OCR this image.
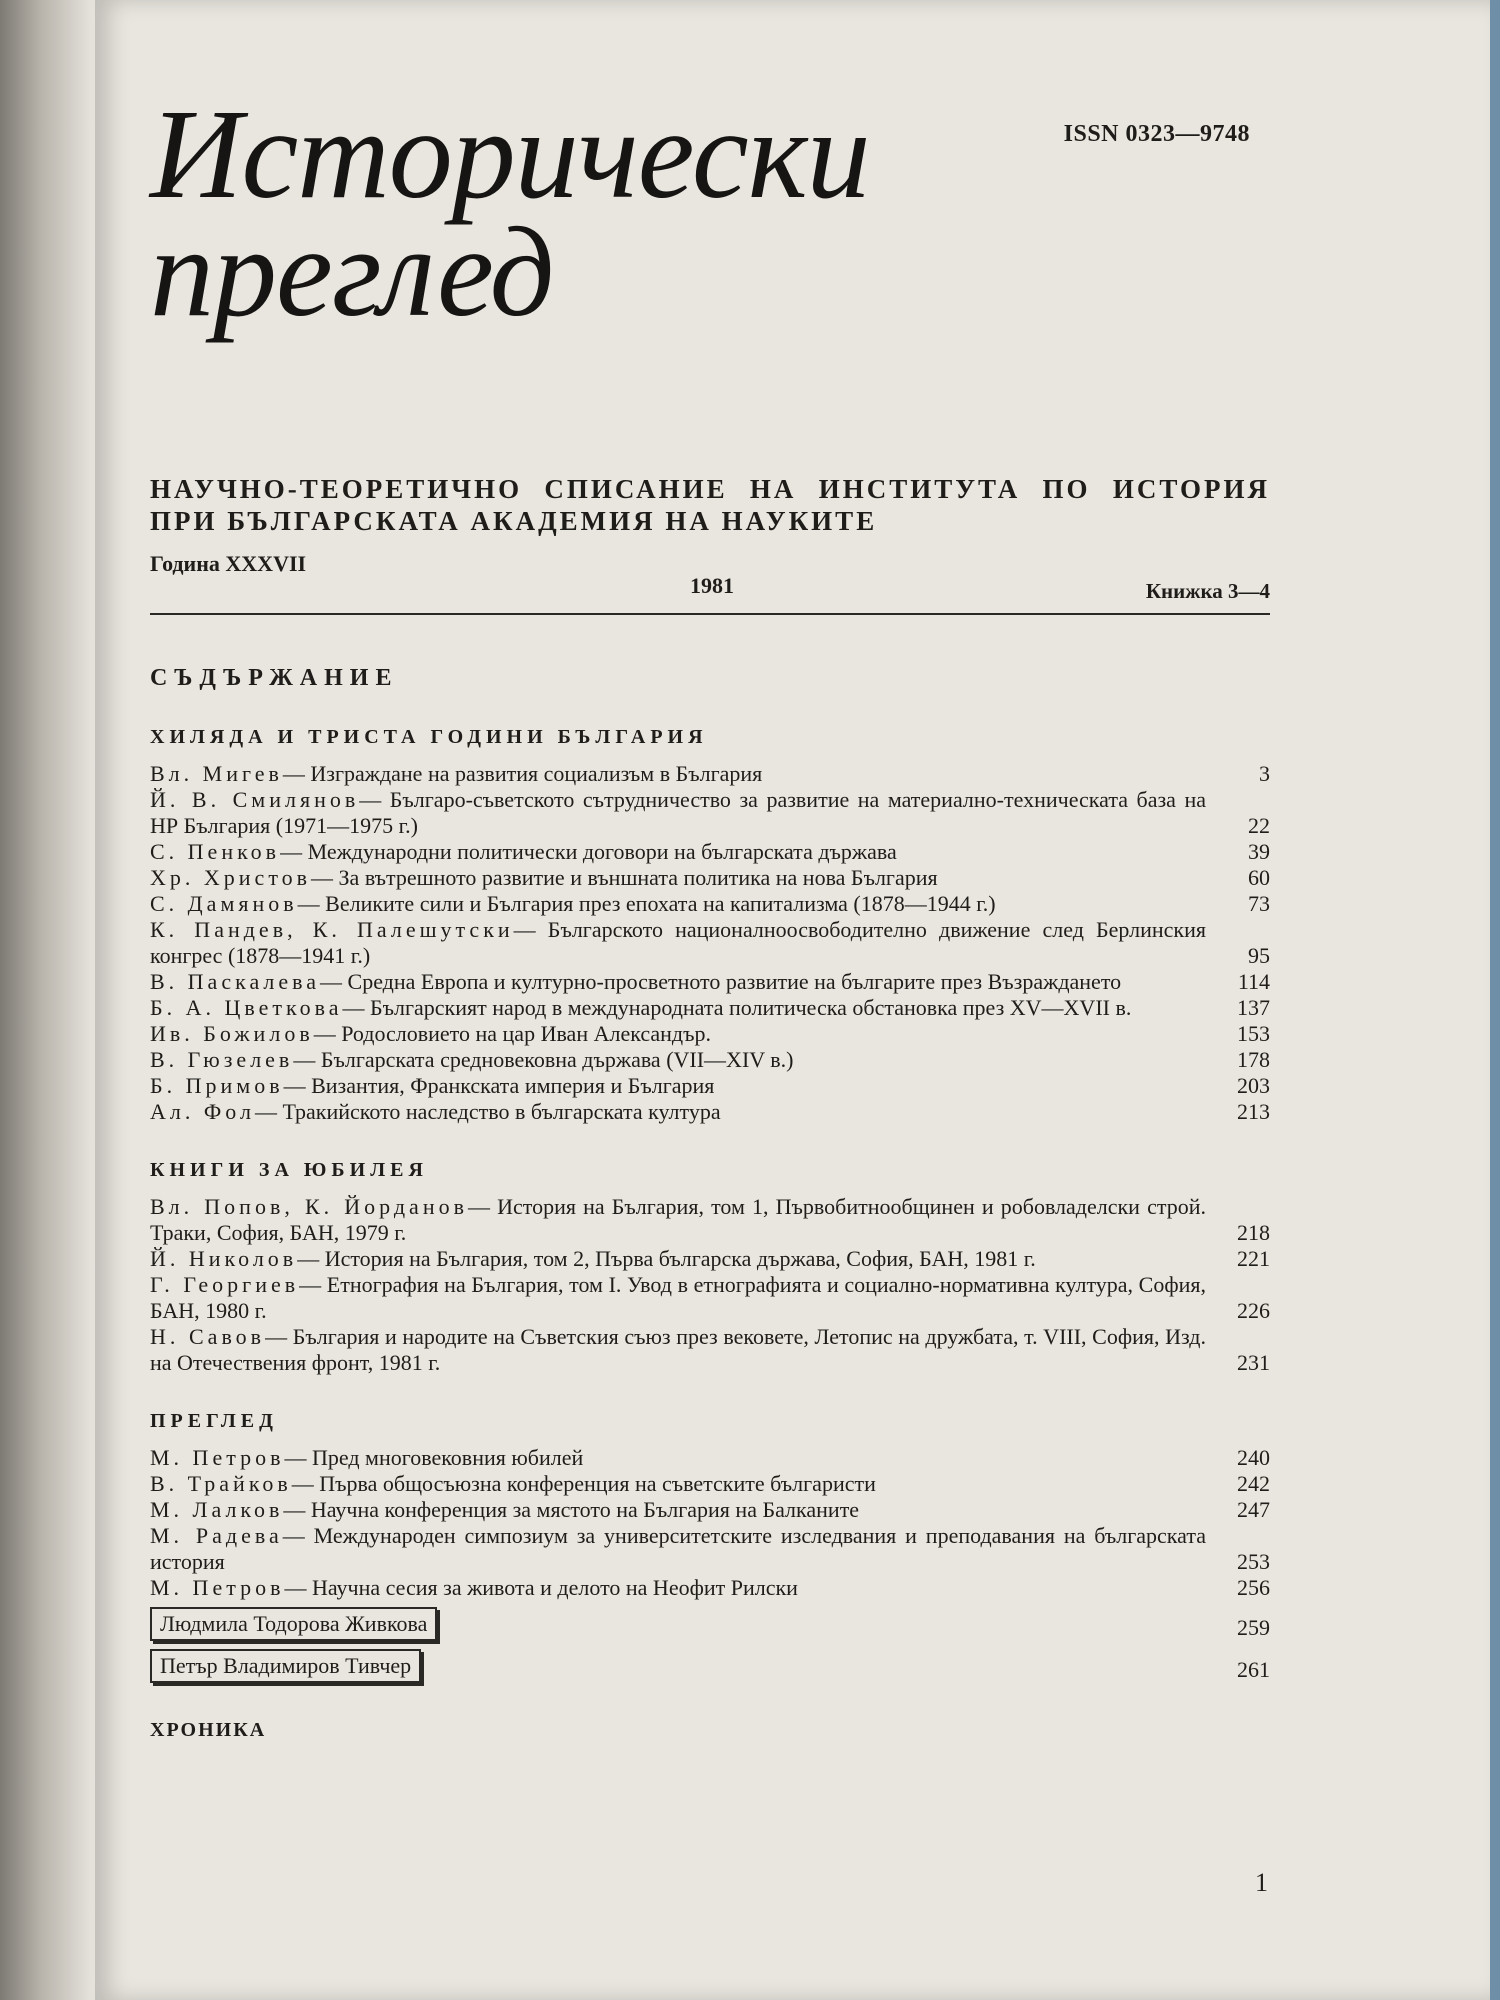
Исторически
преглед
ISSN 0323—9748
НАУЧНО-ТЕОРЕТИЧНО СПИСАНИЕ НА ИНСТИТУТА ПО ИСТОРИЯ ПРИ БЪЛГАРСКАТА АКАДЕМИЯ НА НАУКИТЕ
Година XXXVII
1981	Книжка 3—4
СЪДЪРЖАНИЕ
ХИЛЯДА И ТРИСТА ГОДИНИ БЪЛГАРИЯ
Вл. Мигев— Изграждане на развития социализъм в България	3
Й. В. Смилянов— Българо-съветското сътрудничество за развитие на материално-техническата база на НР България (1971—1975 г.)	22
С. Пенков— Международни политически договори на българската държава	39
Хр. Христов— За вътрешното развитие и външната политика на нова България	60
С. Дамянов— Великите сили и България през епохата на капитализма (1878—1944 г.)	73
К. Пандев, К. Палешутски— Българското националноосвободително движение след Берлинския конгрес (1878—1941 г.)	95
В. Паскалева— Средна Европа и културно-просветното развитие на българите през Възраждането	114
Б. А. Цветкова— Българският народ в международната политическа обстановка през XV—XVII в.	137
Ив. Божилов— Родословието на цар Иван Александър.	153
В. Гюзелев— Българската средновековна държава (VII—XIV в.)	178
Б. Примов— Византия, Франкската империя и България	203
Ал. Фол— Тракийското наследство в българската култура	213
КНИГИ ЗА ЮБИЛЕЯ
Вл. Попов, К. Йорданов— История на България, том 1, Първобитнообщинен и робовладелски строй. Траки, София, БАН, 1979 г.	218
Й. Николов— История на България, том 2, Първа българска държава, София, БАН, 1981 г.	221
Г. Георгиев— Етнография на България, том I. Увод в етнографията и социално-нормативна култура, София, БАН, 1980 г.	226
Н. Савов— България и народите на Съветския съюз през вековете, Летопис на дружбата, т. VIII, София, Изд. на Отечествения фронт, 1981 г.	231
ПРЕГЛЕД
М. Петров— Пред многовековния юбилей	240
В. Трайков— Първа общосъюзна конференция на съветските българисти	242
М. Лалков— Научна конференция за мястото на България на Балканите	247
М. Радева— Международен симпозиум за университетските изследвания и преподавания на българската история	253
М. Петров— Научна сесия за живота и делото на Неофит Рилски	256
Людмила Тодорова Живкова	259
Петър Владимиров Тивчер	261
ХРОНИКА
1
